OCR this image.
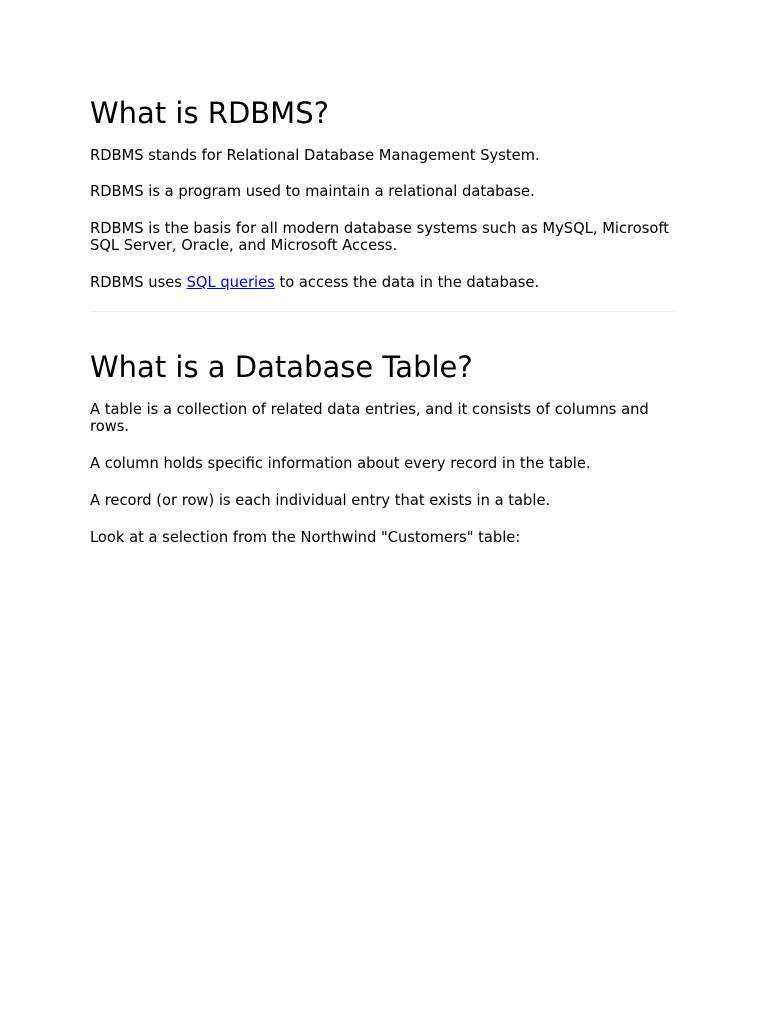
What is RDBMS?

RDBMS stands for Relational Database Management System.

RDBMS is a program used to maintain a relational database.

RDBMS is the basis for all modern database systems such as MySQL, Microsoft SQL Server, Oracle, and Microsoft Access.

RDBMS uses SQL queries to access the data in the database.

What is a Database Table?

A table is a collection of related data entries, and it consists of columns and rows.

A column holds specific information about every record in the table.

A record (or row) is each individual entry that exists in a table.

Look at a selection from the Northwind "Customers" table:
